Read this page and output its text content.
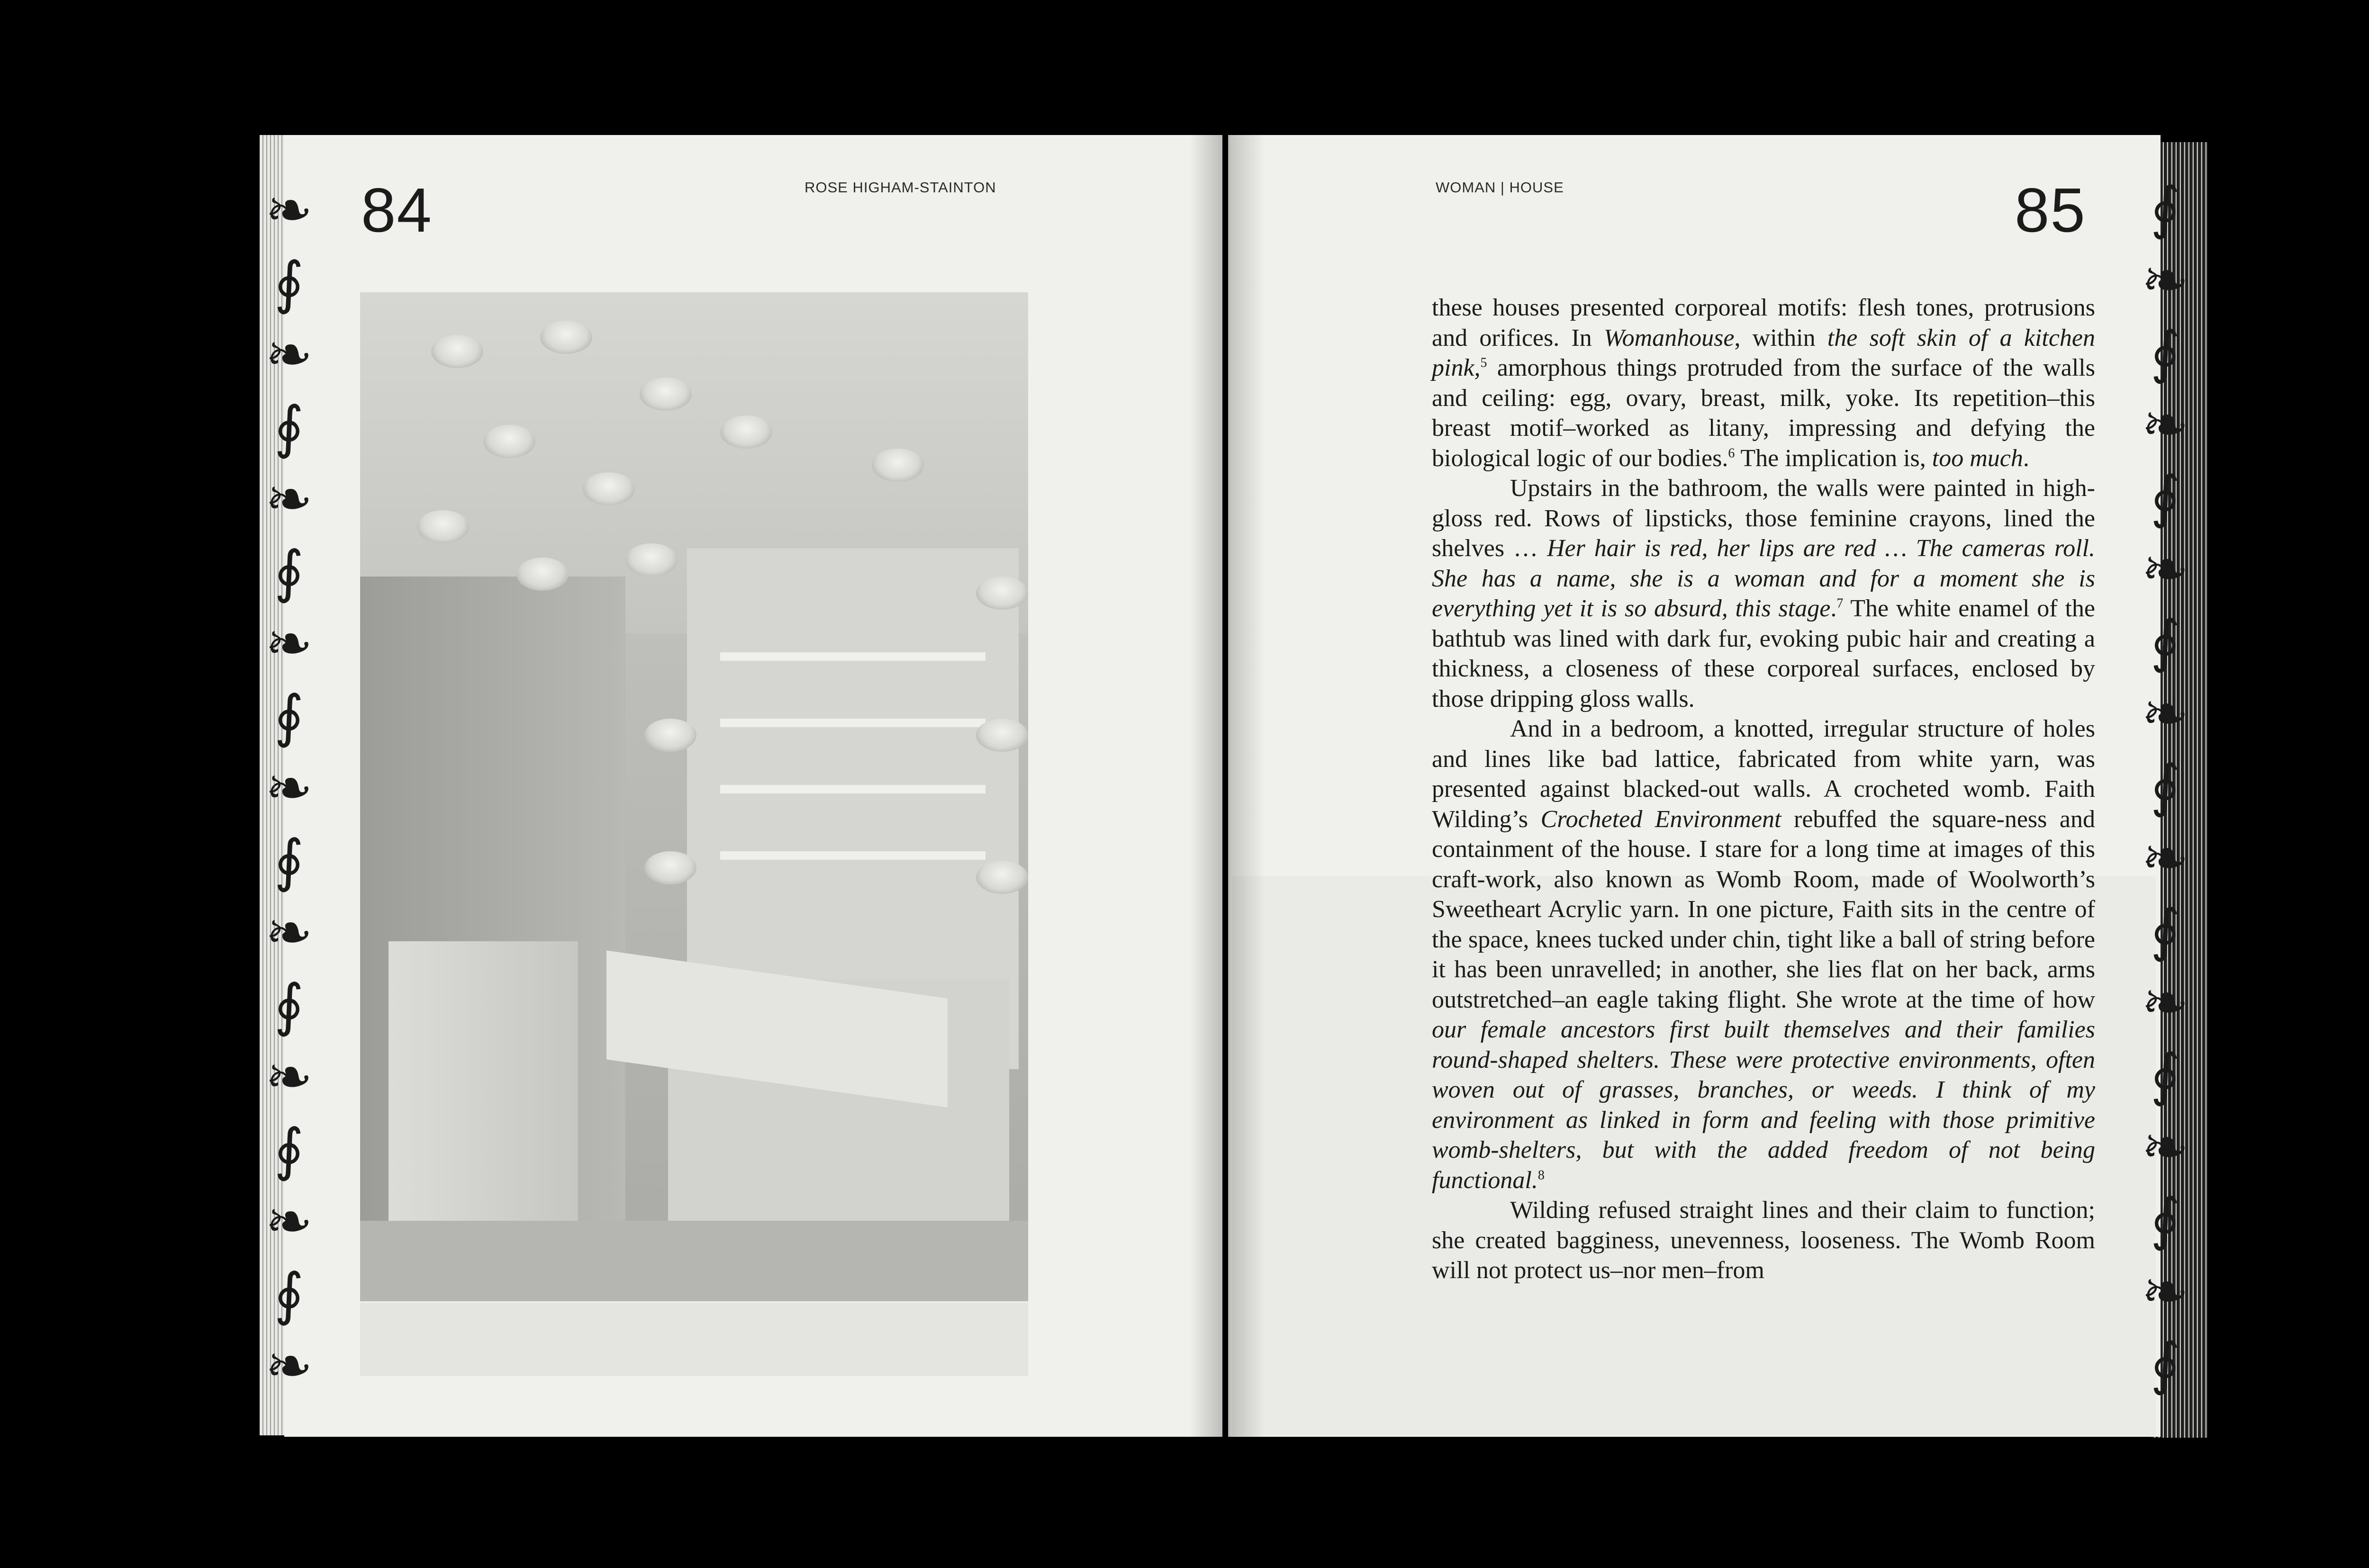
❧
∮
❧
∮
❧
∮
❧
∮
❧
∮
❧
∮
❧
∮
❧
∮
❧
∮
❧
∮
❧
∮
❧
∮
❧
∮
❧
∮
❧
∮
❧
∮
❧
∮
84	ROSE HIGHAM-STAINTON	WOMAN | HOUSE	85

these houses presented corporeal motifs: flesh tones, protrusions and orifices. In Womanhouse, within the soft skin of a kitchen pink,$^5$ amorphous things protruded from the surface of the walls and ceiling: egg, ovary, breast, milk, yoke. Its repetition–this breast motif–worked as litany, impressing and defying the biological logic of our bodies.$^6$ The implication is, too much.

Upstairs in the bathroom, the walls were painted in high-gloss red. Rows of lipsticks, those feminine crayons, lined the shelves … Her hair is red, her lips are red … The cameras roll. She has a name, she is a woman and for a moment she is everything yet it is so absurd, this stage.$^7$ The white enamel of the bathtub was lined with dark fur, evoking pubic hair and creating a thickness, a closeness of these corporeal surfaces, enclosed by those dripping gloss walls.

And in a bedroom, a knotted, irregular structure of holes and lines like bad lattice, fabricated from white yarn, was presented against blacked-out walls. A crocheted womb. Faith Wilding’s Crocheted Environment rebuffed the square-ness and containment of the house. I stare for a long time at images of this craft-work, also known as Womb Room, made of Woolworth’s Sweetheart Acrylic yarn. In one picture, Faith sits in the centre of the space, knees tucked under chin, tight like a ball of string before it has been unravelled; in another, she lies flat on her back, arms outstretched–an eagle taking flight. She wrote at the time of how our female ancestors first built themselves and their families round-shaped shelters. These were protective environments, often woven out of grasses, branches, or weeds. I think of my environment as linked in form and feeling with those primitive womb-shelters, but with the added freedom of not being functional.$^8$

Wilding refused straight lines and their claim to function; she created bagginess, unevenness, looseness. The Womb Room will not protect us–nor men–from
